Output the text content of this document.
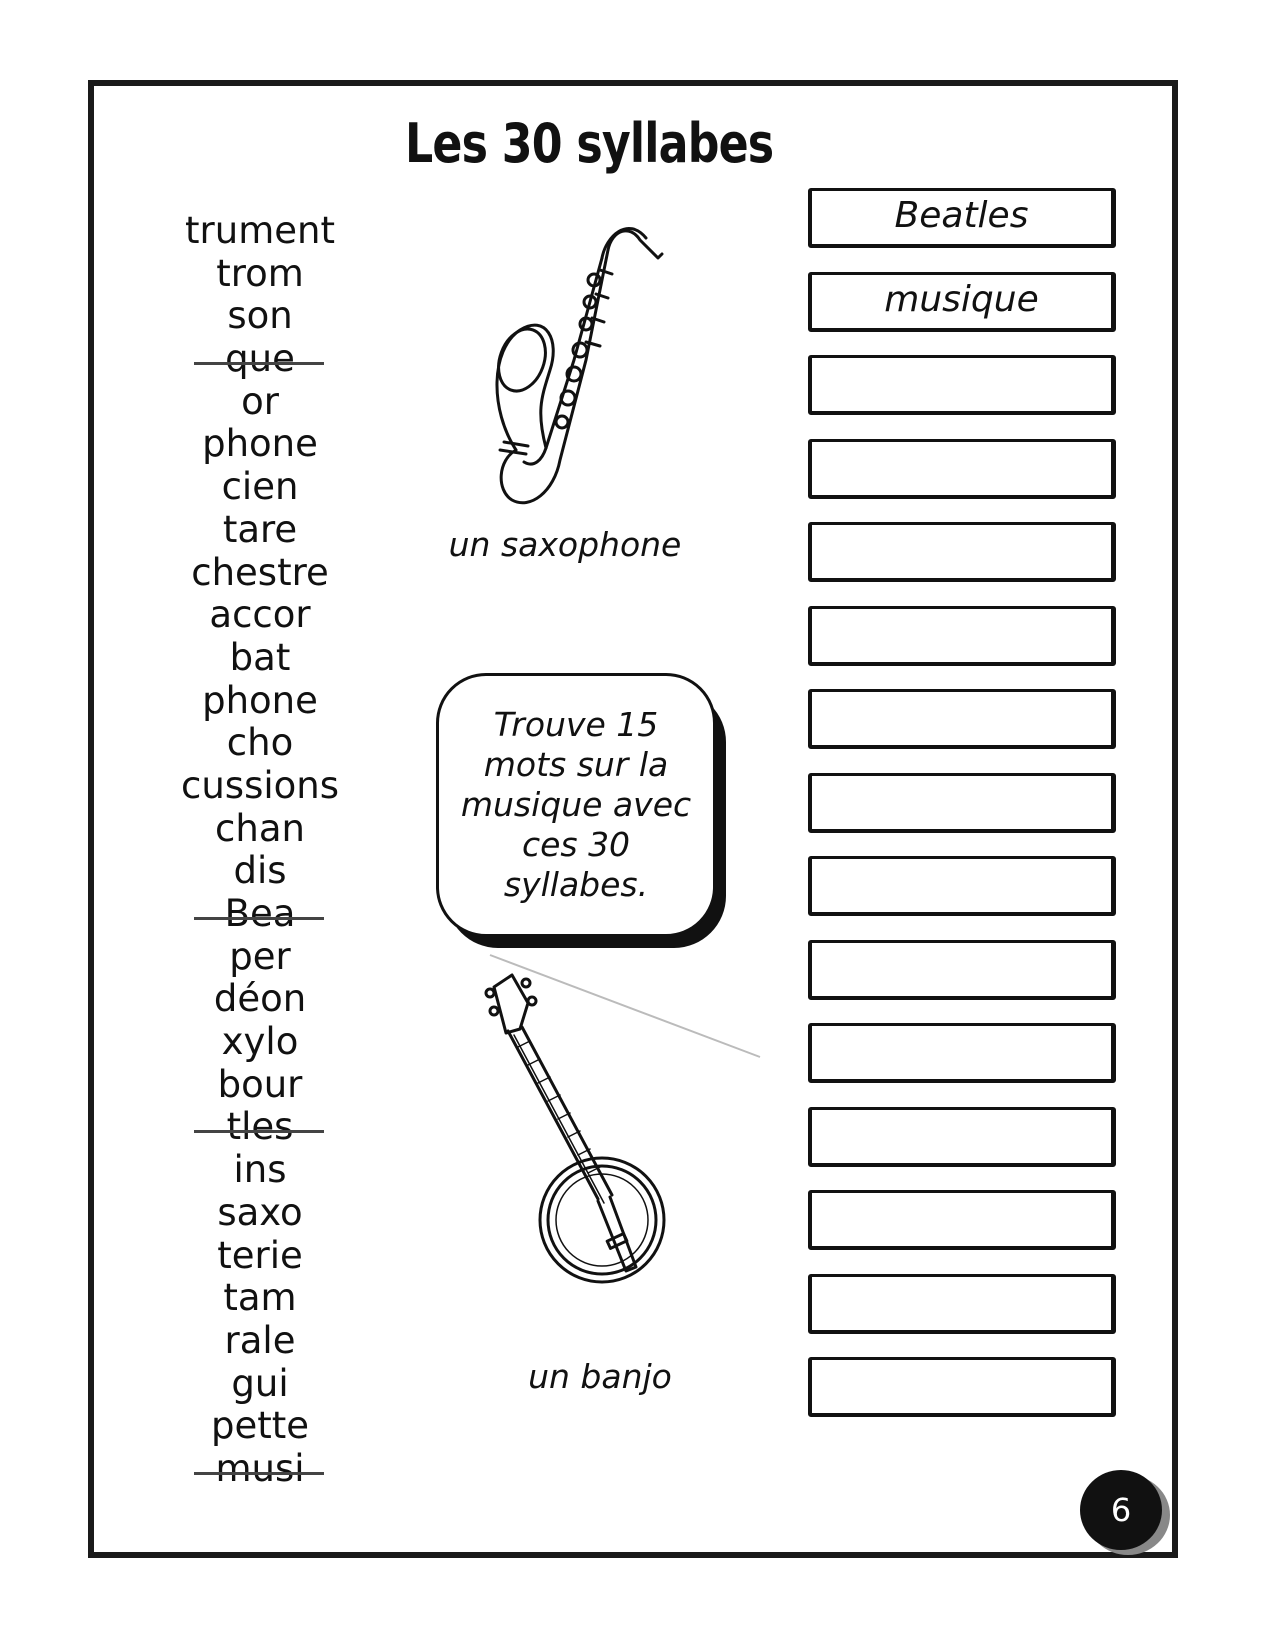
Les 30 syllabes
trument
trom
son
que
or
phone
cien
tare
chestre
accor
bat
phone
cho
cussions
chan
dis
Bea
per
déon
xylo
bour
tles
ins
saxo
terie
tam
rale
gui
pette
musi
un saxophone
Trouve 15 mots sur la musique avec ces 30 syllabes.
un banjo
Beatles
musique
6
